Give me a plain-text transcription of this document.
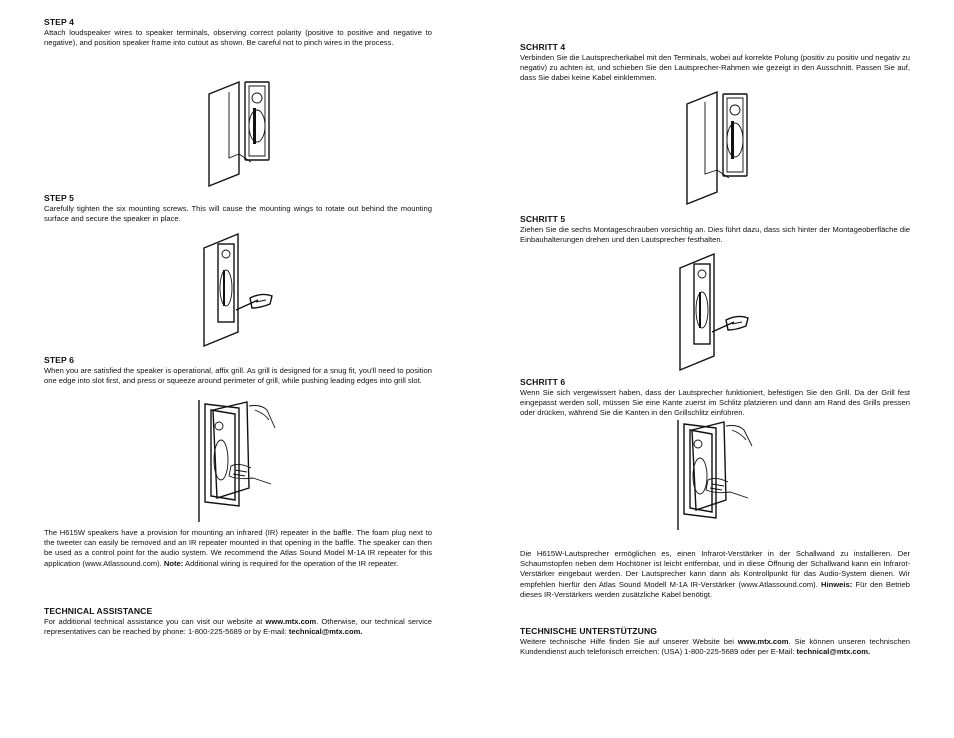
STEP 4

Attach loudspeaker wires to speaker terminals, observing correct polarity (positive to positive and negative to negative), and position speaker frame into cutout as shown. Be careful not to pinch wires in the process.

STEP 5

Carefully tighten the six mounting screws. This will cause the mounting wings to rotate out behind the mounting surface and secure the speaker in place.

STEP 6

When you are satisfied the speaker is operational, affix grill. As grill is designed for a snug fit, you'll need to position one edge into slot first, and press or squeeze around perimeter of grill, while pushing leading edges into grill slot.

The H615W speakers have a provision for mounting an infrared (IR) repeater in the baffle. The foam plug next to the tweeter can easily be removed and an IR repeater mounted in that opening in the baffle. The speaker can then be used as a control point for the audio system. We recommend the Atlas Sound Model M-1A IR repeater for this application (www.Atlassound.com). Note: Additional wiring is required for the operation of the IR repeater.

TECHNICAL ASSISTANCE

For additional technical assistance you can visit our website at www.mtx.com. Otherwise, our technical service representatives can be reached by phone: 1-800-225-5689 or by E-mail: technical@mtx.com.

SCHRITT 4

Verbinden Sie die Lautsprecherkabel mit den Terminals, wobei auf korrekte Polung (positiv zu positiv und negativ zu negativ) zu achten ist, und schieben Sie den Lautsprecher-Rahmen wie gezeigt in den Ausschnitt. Passen Sie auf, dass Sie dabei keine Kabel einklemmen.

SCHRITT 5

Ziehen Sie die sechs Montageschrauben vorsichtig an. Dies führt dazu, dass sich hinter der Montageoberfläche die Einbauhalterungen drehen und den Lautsprecher festhalten.

SCHRITT 6

Wenn Sie sich vergewissert haben, dass der Lautsprecher funktioniert, befestigen Sie den Grill. Da der Grill fest eingepasst werden soll, müssen Sie eine Kante zuerst im Schlitz platzieren und dann am Rand des Grills pressen oder drücken, während Sie die Kanten in den Grillschlitz einführen.

Die H615W-Lautsprecher ermöglichen es, einen Infrarot-Verstärker in der Schallwand zu installieren. Der Schaumstopfen neben dem Hochtöner ist leicht entfernbar, und in diese Öffnung der Schallwand kann ein Infrarot-Verstärker eingebaut werden. Der Lautsprecher kann dann als Kontrollpunkt für das Audio-System dienen. Wir empfehlen hierfür den Atlas Sound Modell M-1A IR-Verstärker (www.Atlassound.com). Hinweis: Für den Betrieb dieses IR-Verstärkers werden zusätzliche Kabel benötigt.

TECHNISCHE UNTERSTÜTZUNG

Weitere technische Hilfe finden Sie auf unserer Website bei www.mtx.com. Sie können unseren technischen Kundendienst auch telefonisch erreichen: (USA) 1-800-225-5689 oder per E-Mail: technical@mtx.com.
